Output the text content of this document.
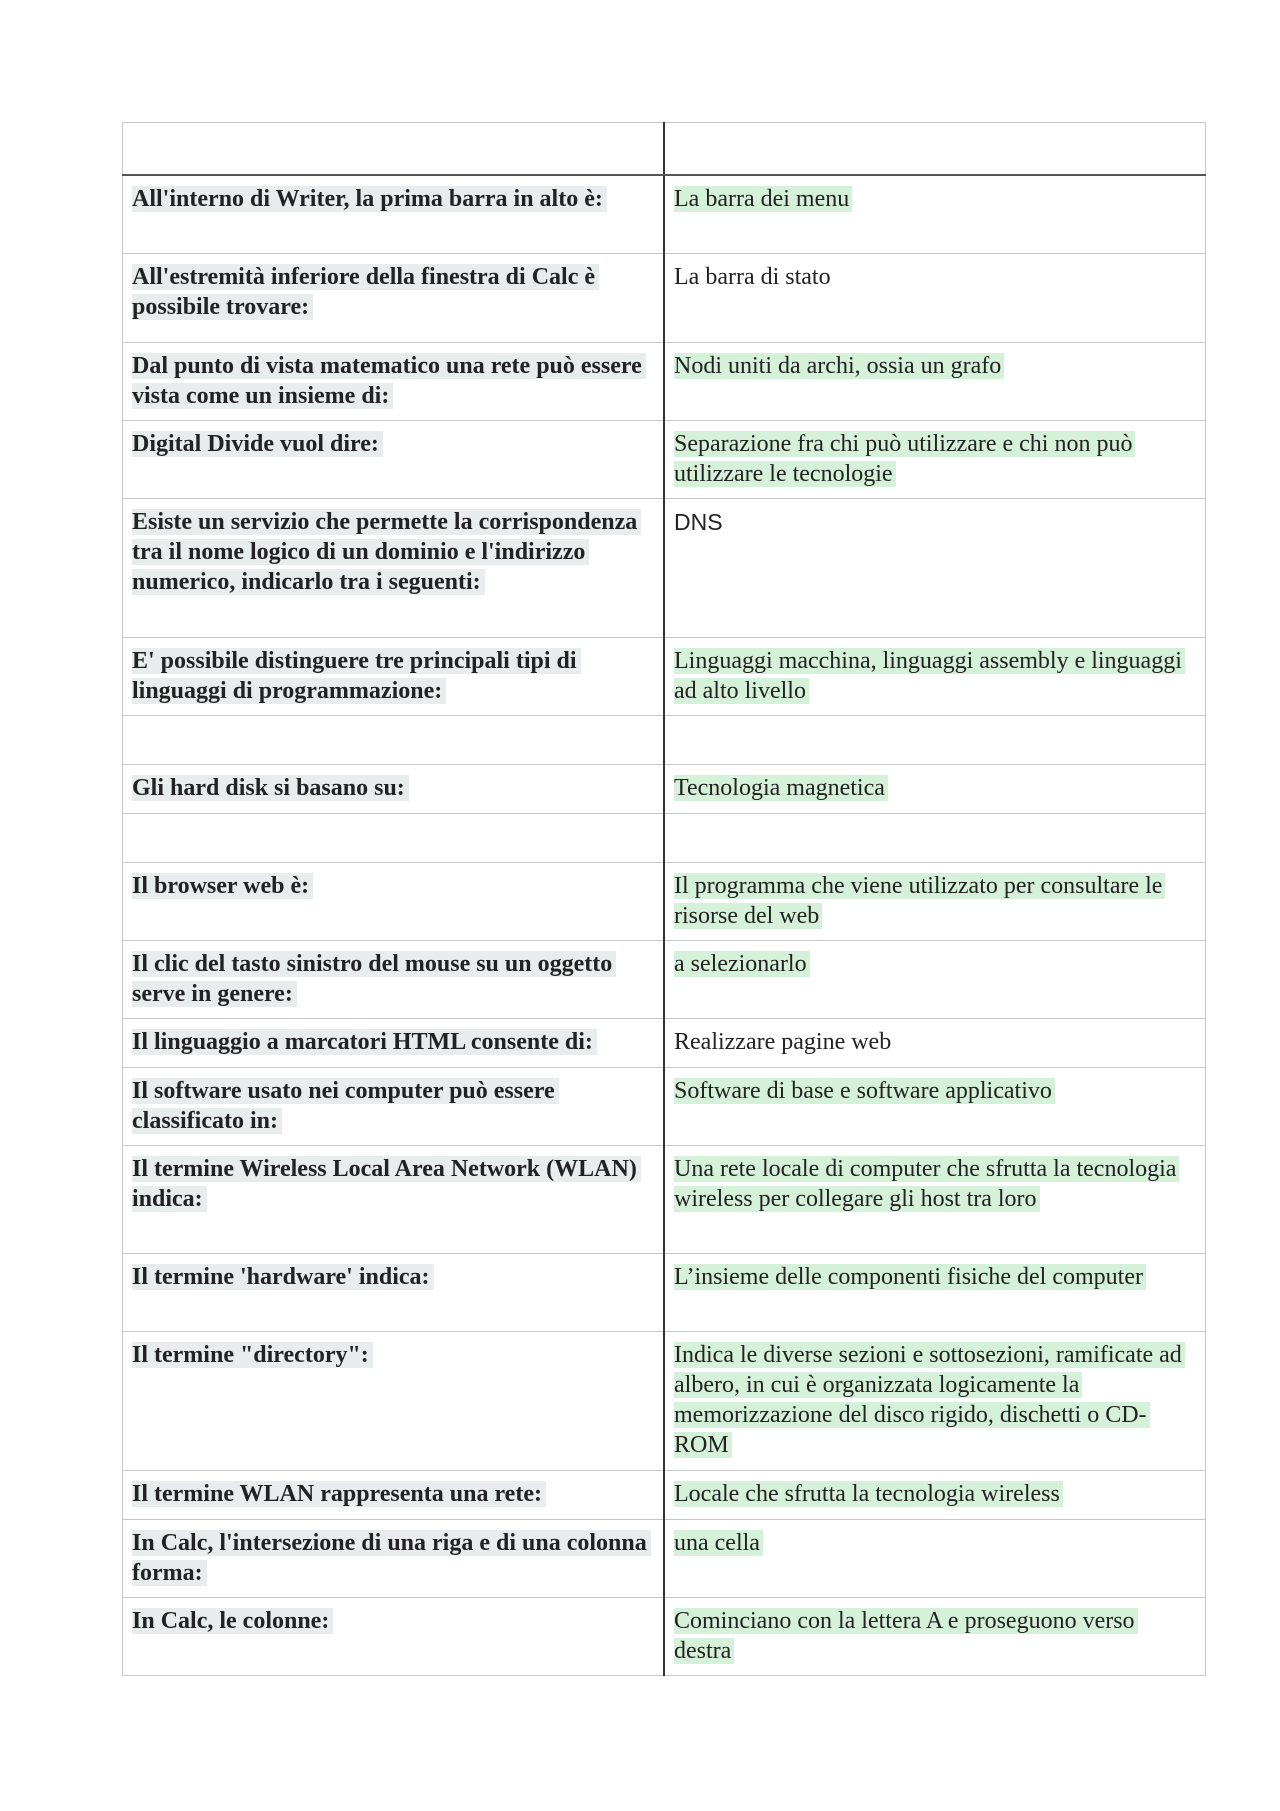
All'interno di Writer, la prima barra in alto è:	La barra dei menu
All'estremità inferiore della finestra di Calc è possibile trovare:	La barra di stato
Dal punto di vista matematico una rete può essere vista come un insieme di:	Nodi uniti da archi, ossia un grafo
Digital Divide vuol dire:	Separazione fra chi può utilizzare e chi non può utilizzare le tecnologie
Esiste un servizio che permette la corrispondenza tra il nome logico di un dominio e l'indirizzo numerico, indicarlo tra i seguenti:	DNS
E' possibile distinguere tre principali tipi di linguaggi di programmazione:	Linguaggi macchina, linguaggi assembly e linguaggi ad alto livello

Gli hard disk si basano su:	Tecnologia magnetica

Il browser web è:	Il programma che viene utilizzato per consultare le risorse del web
Il clic del tasto sinistro del mouse su un oggetto serve in genere:	a selezionarlo
Il linguaggio a marcatori HTML consente di:	Realizzare pagine web
Il software usato nei computer può essere classificato in:	Software di base e software applicativo
Il termine Wireless Local Area Network (WLAN) indica:	Una rete locale di computer che sfrutta la tecnologia wireless per collegare gli host tra loro
Il termine 'hardware' indica:	L’insieme delle componenti fisiche del computer
Il termine "directory":	Indica le diverse sezioni e sottosezioni, ramificate ad albero, in cui è organizzata logicamente la memorizzazione del disco rigido, dischetti o CD-ROM
Il termine WLAN rappresenta una rete:	Locale che sfrutta la tecnologia wireless
In Calc, l'intersezione di una riga e di una colonna forma:	una cella
In Calc, le colonne:	Cominciano con la lettera A e proseguono verso destra
